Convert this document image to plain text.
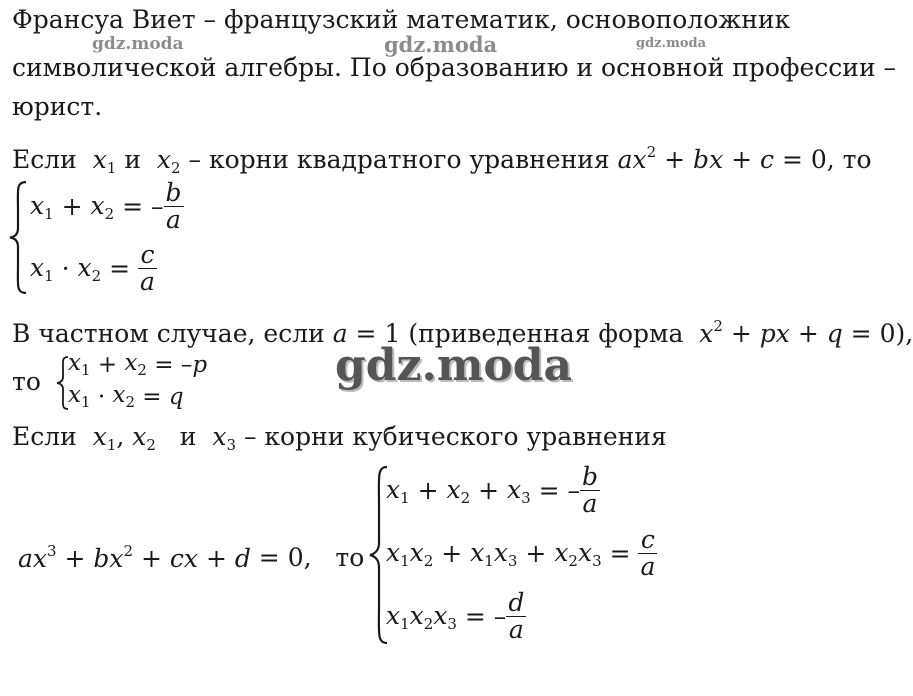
gdz.moda	gdz.moda	gdz.moda
gdz.moda
Франсуа Виет – французский математик, основоположник
символической алгебры. По образованию и основной профессии –
юрист.
Если $x_1$ и $x_2$ – корни квадратного уравнения $ax^2$ + bx + c = 0, то
$x_1 + x_2$ = – $\frac{b}{a}$
$x_1 \cdot x_2 = \frac{c}{a}$
В частном случае, если a = 1 (приведенная форма $x^2$ + px + q = 0),
то
$x_1 + x_2$ = – p
$x_1 \cdot x_2 = q$
Если $x_1$, $x_2$ и $x_3$ – корни кубического уравнения
$ax^3 + bx^2$ + cx + d = 0, то
$x_1 + x_2 + x_3$ = – $\frac{b}{a}$
$x_1x_2 + x_1x_3 + x_2x_3 = \frac{c}{a}$
$x_1x_2x_3$ = – $\frac{d}{a}$
